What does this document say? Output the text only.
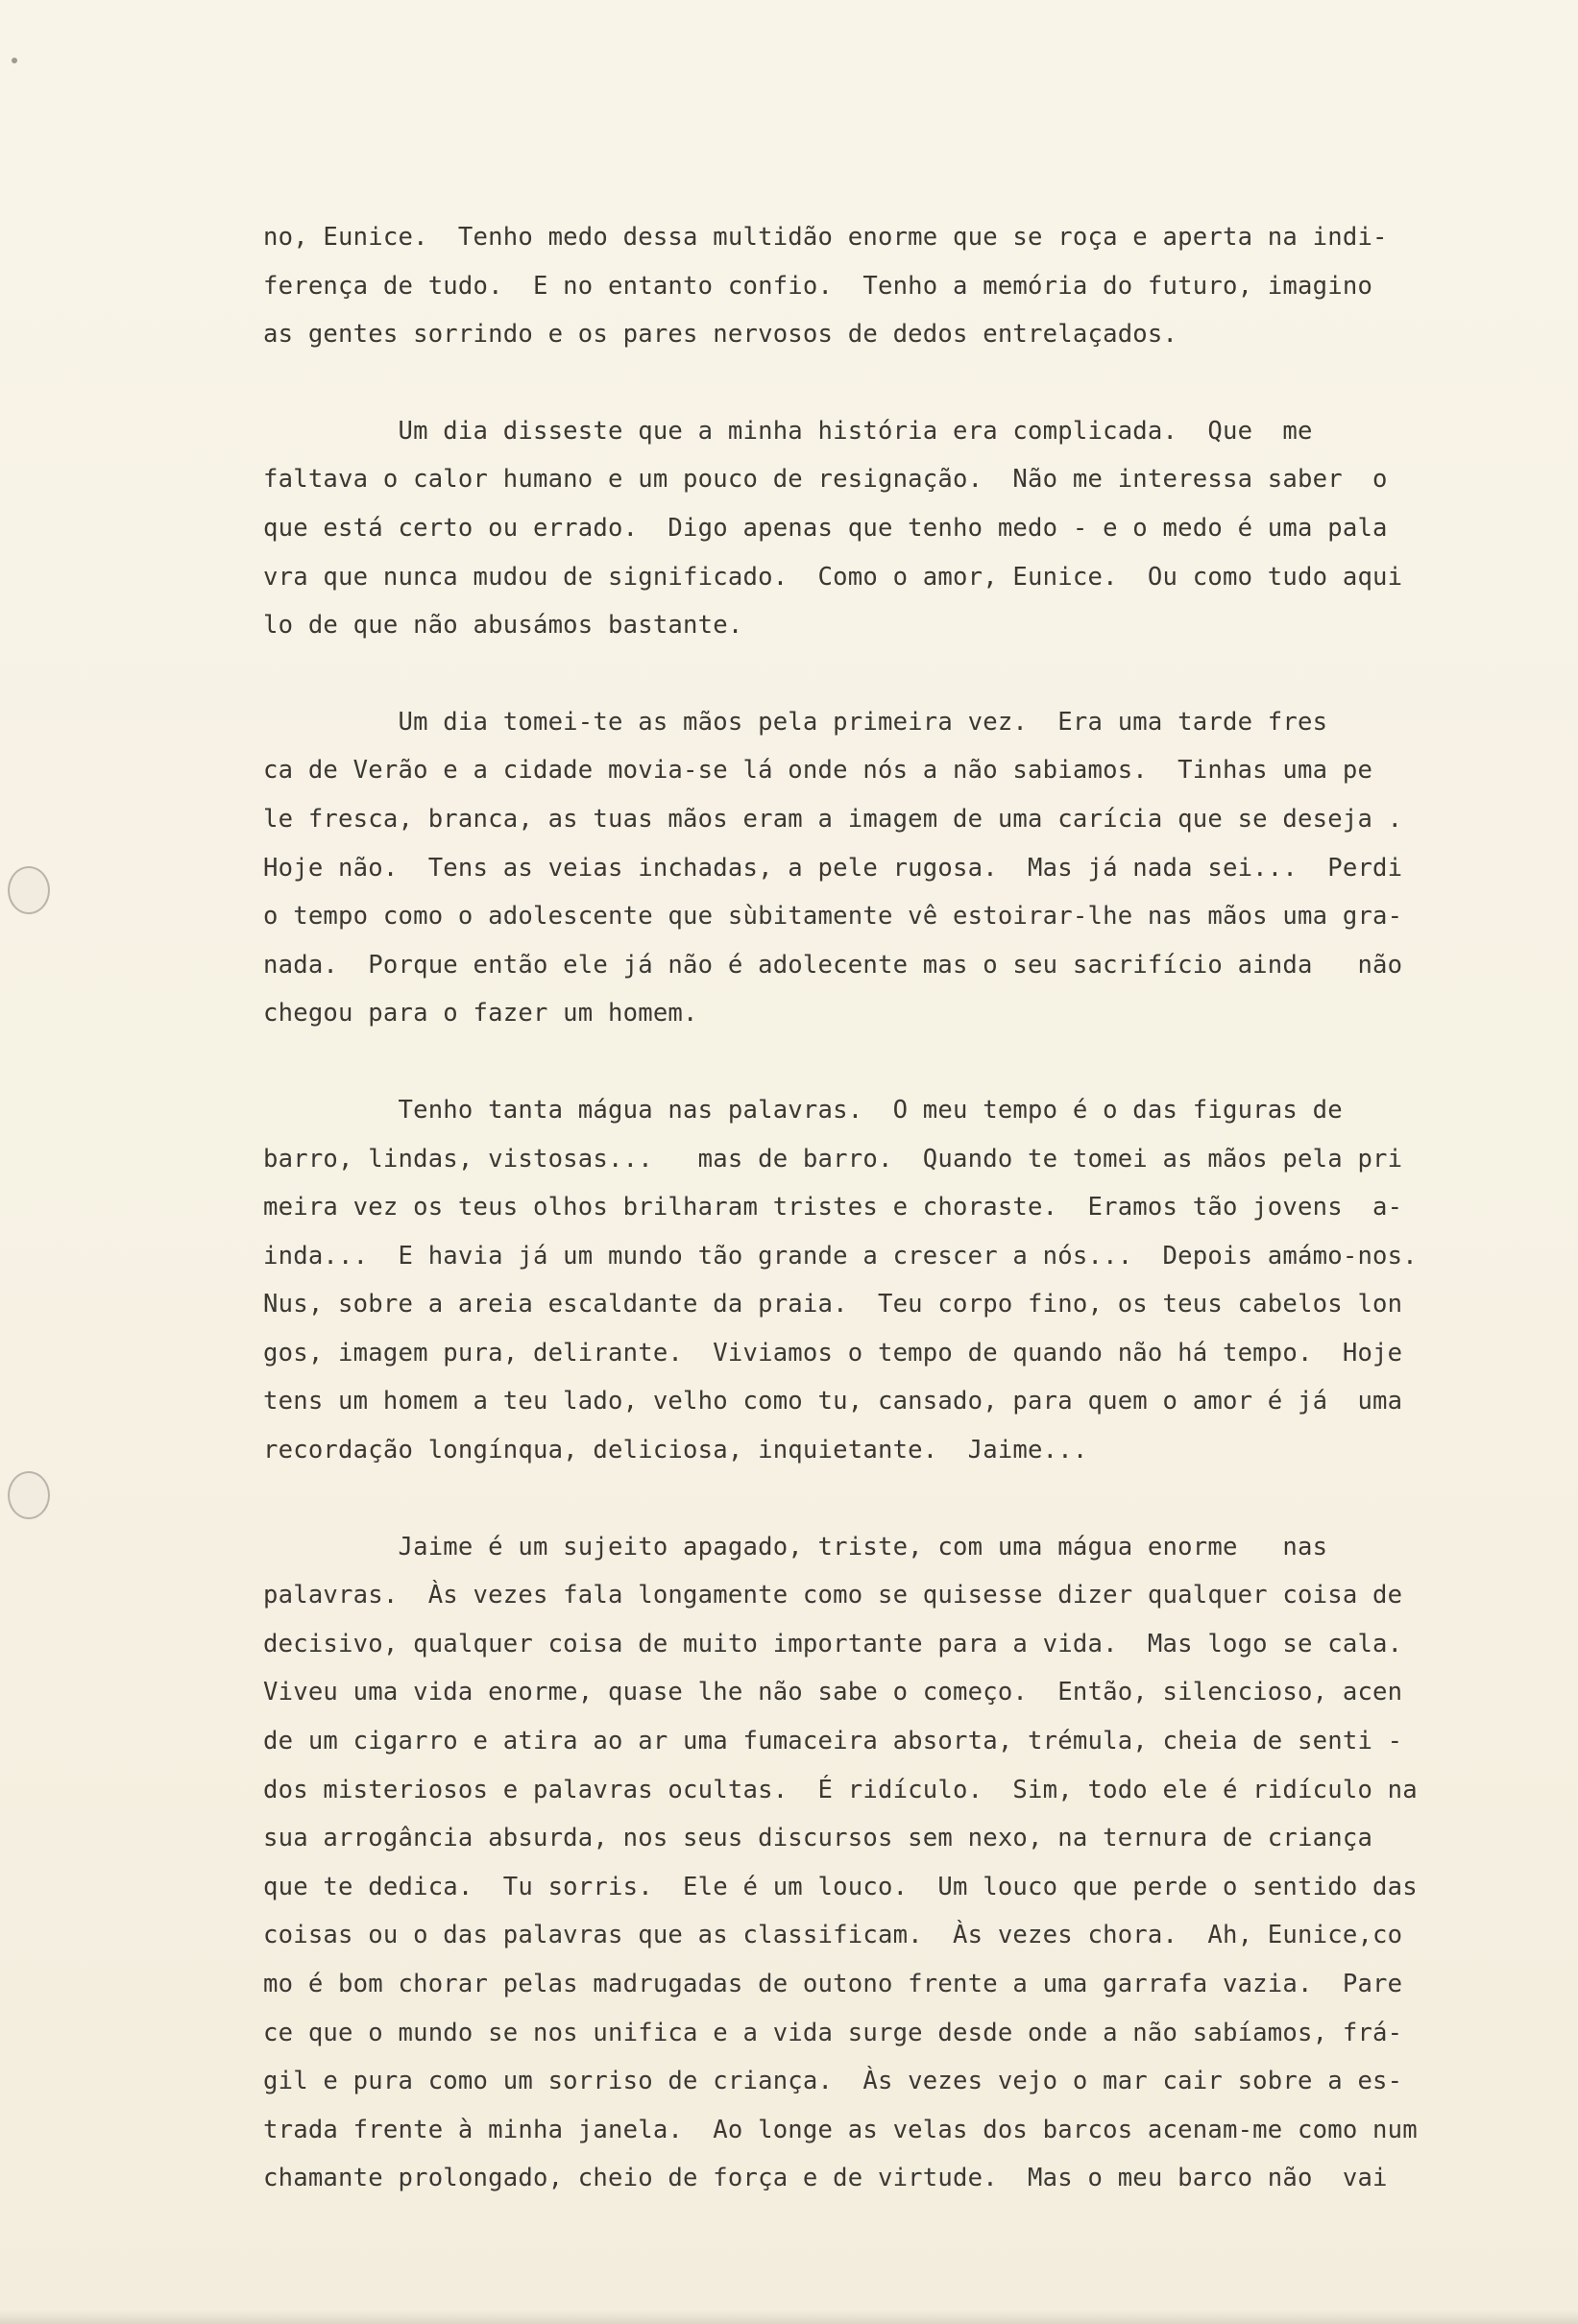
no, Eunice.  Tenho medo dessa multidão enorme que se roça e aperta na indi-
ferença de tudo.  E no entanto confio.  Tenho a memória do futuro, imagino
as gentes sorrindo e os pares nervosos de dedos entrelaçados.
Um dia disseste que a minha história era complicada.  Que  me
faltava o calor humano e um pouco de resignação.  Não me interessa saber  o
que está certo ou errado.  Digo apenas que tenho medo - e o medo é uma pala
vra que nunca mudou de significado.  Como o amor, Eunice.  Ou como tudo aqui
lo de que não abusámos bastante.
Um dia tomei-te as mãos pela primeira vez.  Era uma tarde fres
ca de Verão e a cidade movia-se lá onde nós a não sabiamos.  Tinhas uma pe
le fresca, branca, as tuas mãos eram a imagem de uma carícia que se deseja .
Hoje não.  Tens as veias inchadas, a pele rugosa.  Mas já nada sei...  Perdi
o tempo como o adolescente que sùbitamente vê estoirar-lhe nas mãos uma gra-
nada.  Porque então ele já não é adolecente mas o seu sacrifício ainda   não
chegou para o fazer um homem.
Tenho tanta mágua nas palavras.  O meu tempo é o das figuras de
barro, lindas, vistosas...   mas de barro.  Quando te tomei as mãos pela pri
meira vez os teus olhos brilharam tristes e choraste.  Eramos tão jovens  a-
inda...  E havia já um mundo tão grande a crescer a nós...  Depois amámo-nos.
Nus, sobre a areia escaldante da praia.  Teu corpo fino, os teus cabelos lon
gos, imagem pura, delirante.  Viviamos o tempo de quando não há tempo.  Hoje
tens um homem a teu lado, velho como tu, cansado, para quem o amor é já  uma
recordação longínqua, deliciosa, inquietante.  Jaime...
Jaime é um sujeito apagado, triste, com uma mágua enorme   nas
palavras.  Às vezes fala longamente como se quisesse dizer qualquer coisa de
decisivo, qualquer coisa de muito importante para a vida.  Mas logo se cala.
Viveu uma vida enorme, quase lhe não sabe o começo.  Então, silencioso, acen
de um cigarro e atira ao ar uma fumaceira absorta, trémula, cheia de senti -
dos misteriosos e palavras ocultas.  É ridículo.  Sim, todo ele é ridículo na
sua arrogância absurda, nos seus discursos sem nexo, na ternura de criança
que te dedica.  Tu sorris.  Ele é um louco.  Um louco que perde o sentido das
coisas ou o das palavras que as classificam.  Às vezes chora.  Ah, Eunice,co
mo é bom chorar pelas madrugadas de outono frente a uma garrafa vazia.  Pare
ce que o mundo se nos unifica e a vida surge desde onde a não sabíamos, frá-
gil e pura como um sorriso de criança.  Às vezes vejo o mar cair sobre a es-
trada frente à minha janela.  Ao longe as velas dos barcos acenam-me como num
chamante prolongado, cheio de força e de virtude.  Mas o meu barco não  vai
